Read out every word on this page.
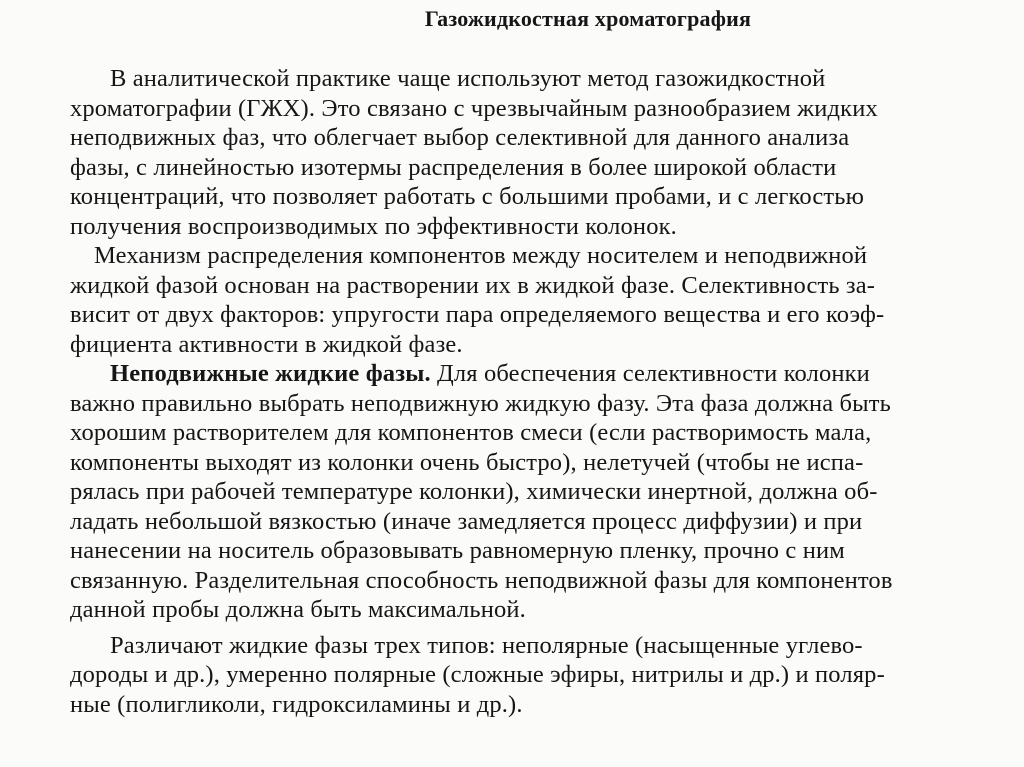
Газожидкостная хроматография
В аналитической практике чаще используют метод газожидкостной
хроматографии (ГЖХ). Это связано с чрезвычайным разнообразием жидких
неподвижных фаз, что облегчает выбор селективной для данного анализа
фазы, с линейностью изотермы распределения в более широкой области
концентраций, что позволяет работать с большими пробами, и с легкостью
получения воспроизводимых по эффективности колонок.
Механизм распределения компонентов между носителем и неподвижной
жидкой фазой основан на растворении их в жидкой фазе. Селективность за-
висит от двух факторов: упругости пара определяемого вещества и его коэф-
фициента активности в жидкой фазе.
Неподвижные жидкие фазы. Для обеспечения селективности колонки
важно правильно выбрать неподвижную жидкую фазу. Эта фаза должна быть
хорошим растворителем для компонентов смеси (если растворимость мала,
компоненты выходят из колонки очень быстро), нелетучей (чтобы не испа-
рялась при рабочей температуре колонки), химически инертной, должна об-
ладать небольшой вязкостью (иначе замедляется процесс диффузии) и при
нанесении на носитель образовывать равномерную пленку, прочно с ним
связанную. Разделительная способность неподвижной фазы для компонентов
данной пробы должна быть максимальной.
Различают жидкие фазы трех типов: неполярные (насыщенные углево-
дороды и др.), умеренно полярные (сложные эфиры, нитрилы и др.) и поляр-
ные (полигликоли, гидроксиламины и др.).
